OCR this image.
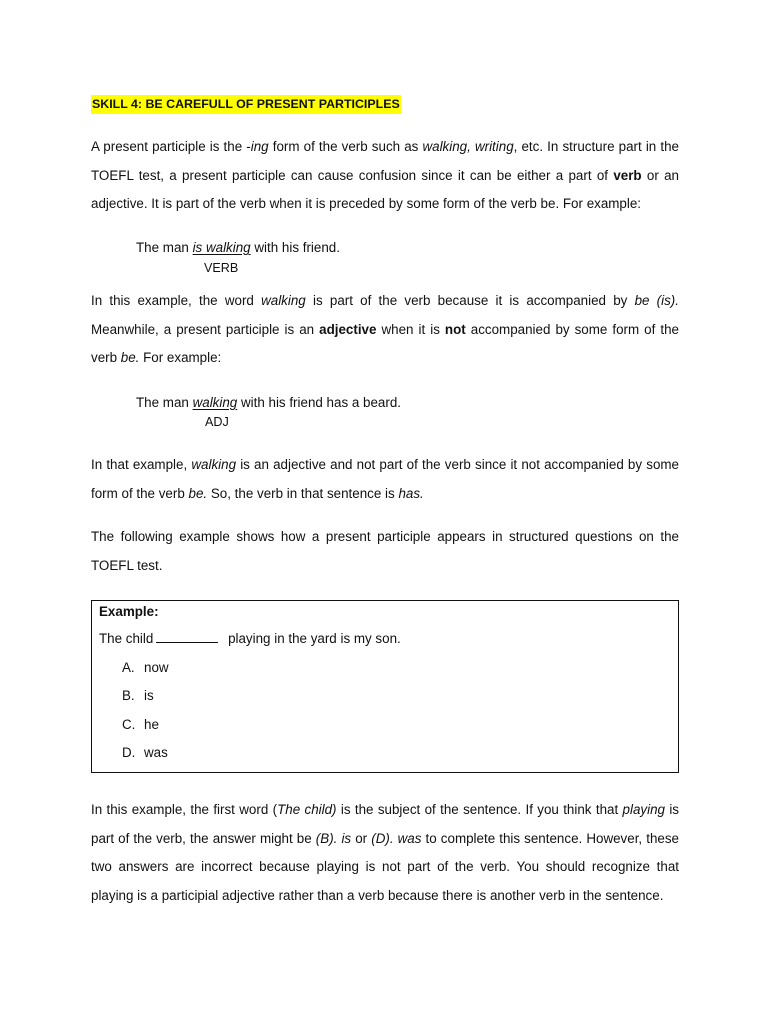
SKILL 4: BE CAREFULL OF PRESENT PARTICIPLES

A present participle is the -ing form of the verb such as walking, writing, etc. In structure part in the TOEFL test, a present participle can cause confusion since it can be either a part of verb or an adjective. It is part of the verb when it is preceded by some form of the verb be. For example:

The man is walking with his friend.
VERB

In this example, the word walking is part of the verb because it is accompanied by be (is). Meanwhile, a present participle is an adjective when it is not accompanied by some form of the verb be. For example:

The man walking with his friend has a beard.
ADJ

In that example, walking is an adjective and not part of the verb since it not accompanied by some form of the verb be. So, the verb in that sentence is has.

The following example shows how a present participle appears in structured questions on the TOEFL test.

Example:
The child	playing in the yard is my son.
A. now
B. is
C. he
D. was

In this example, the first word (The child) is the subject of the sentence. If you think that playing is part of the verb, the answer might be (B). is or (D). was to complete this sentence. However, these two answers are incorrect because playing is not part of the verb. You should recognize that playing is a participial adjective rather than a verb because there is another verb in the sentence.
